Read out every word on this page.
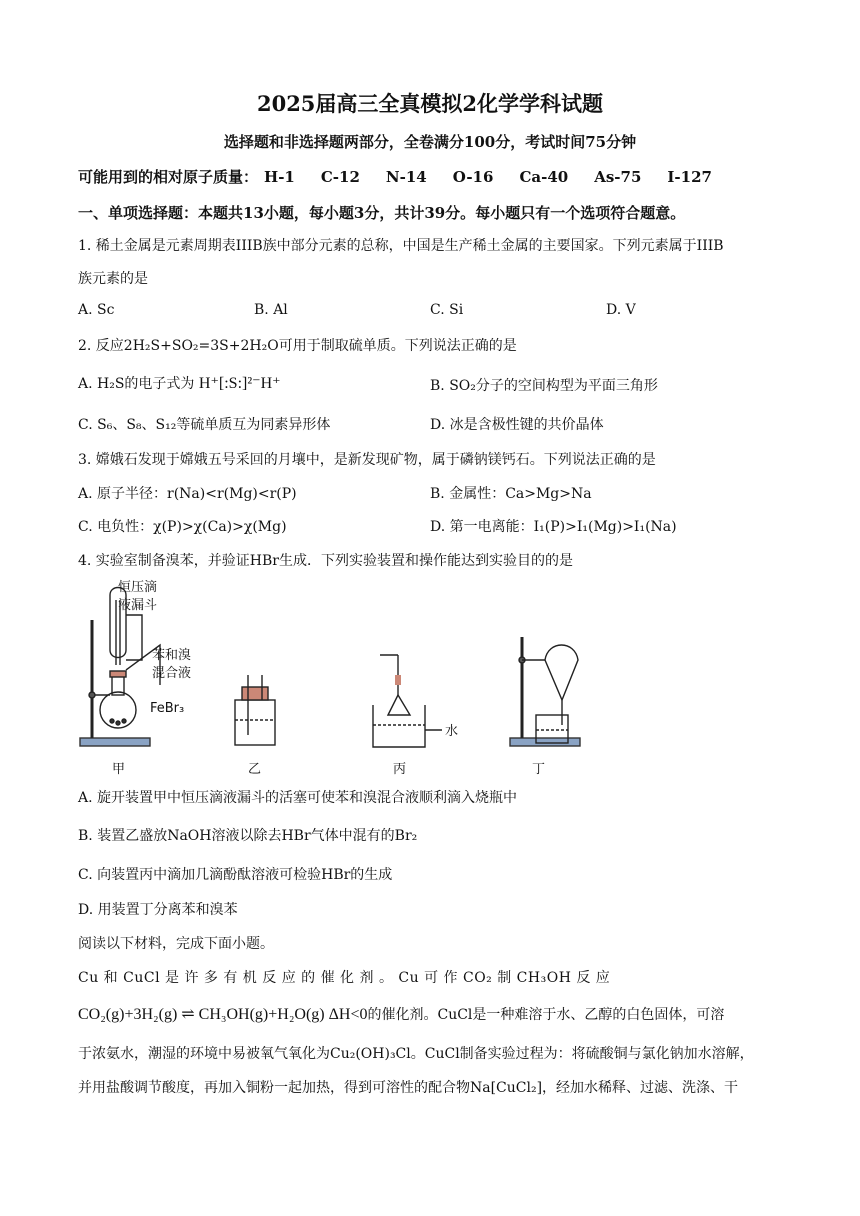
2025届高三全真模拟2化学学科试题
选择题和非选择题两部分，全卷满分100分，考试时间75分钟
可能用到的相对原子质量： H-1 C-12 N-14 O-16 Ca-40 As-75 I-127
一、单项选择题：本题共13小题，每小题3分，共计39分。每小题只有一个选项符合题意。
1. 稀土金属是元素周期表IIIB族中部分元素的总称，中国是生产稀土金属的主要国家。下列元素属于IIIB
族元素的是
A. Sc	B. Al	C. Si	D. V
2. 反应2H₂S+SO₂=3S+2H₂O可用于制取硫单质。下列说法正确的是
A. H₂S的电子式为 H⁺[:S:]²⁻H⁺	B. SO₂分子的空间构型为平面三角形
C. S₆、S₈、S₁₂等硫单质互为同素异形体	D. 冰是含极性键的共价晶体
3. 嫦娥石发现于嫦娥五号采回的月壤中，是新发现矿物，属于磷钠镁钙石。下列说法正确的是
A. 原子半径：r(Na)<r(Mg)<r(P)	B. 金属性：Ca>Mg>Na
C. 电负性：χ(P)>χ(Ca)>χ(Mg)	D. 第一电离能：I₁(P)>I₁(Mg)>I₁(Na)
4. 实验室制备溴苯，并验证HBr生成．下列实验装置和操作能达到实验目的的是
恒压滴
液漏斗
苯和溴
混合液
FeBr₃
水
甲	乙	丙	丁
A. 旋开装置甲中恒压滴液漏斗的活塞可使苯和溴混合液顺利滴入烧瓶中
B. 装置乙盛放NaOH溶液以除去HBr气体中混有的Br₂
C. 向装置丙中滴加几滴酚酞溶液可检验HBr的生成
D. 用装置丁分离苯和溴苯
阅读以下材料，完成下面小题。
Cu 和 CuCl 是 许 多 有 机 反 应 的 催 化 剂 。 Cu 可 作 CO₂ 制 CH₃OH 反 应
CO₂(g)+3H₂(g) ⇌ CH₃OH(g)+H₂O(g) ΔH<0的催化剂。CuCl是一种难溶于水、乙醇的白色固体，可溶
于浓氨水，潮湿的环境中易被氧气氧化为Cu₂(OH)₃Cl。CuCl制备实验过程为：将硫酸铜与氯化钠加水溶解，
并用盐酸调节酸度，再加入铜粉一起加热，得到可溶性的配合物Na[CuCl₂]，经加水稀释、过滤、洗涤、干
